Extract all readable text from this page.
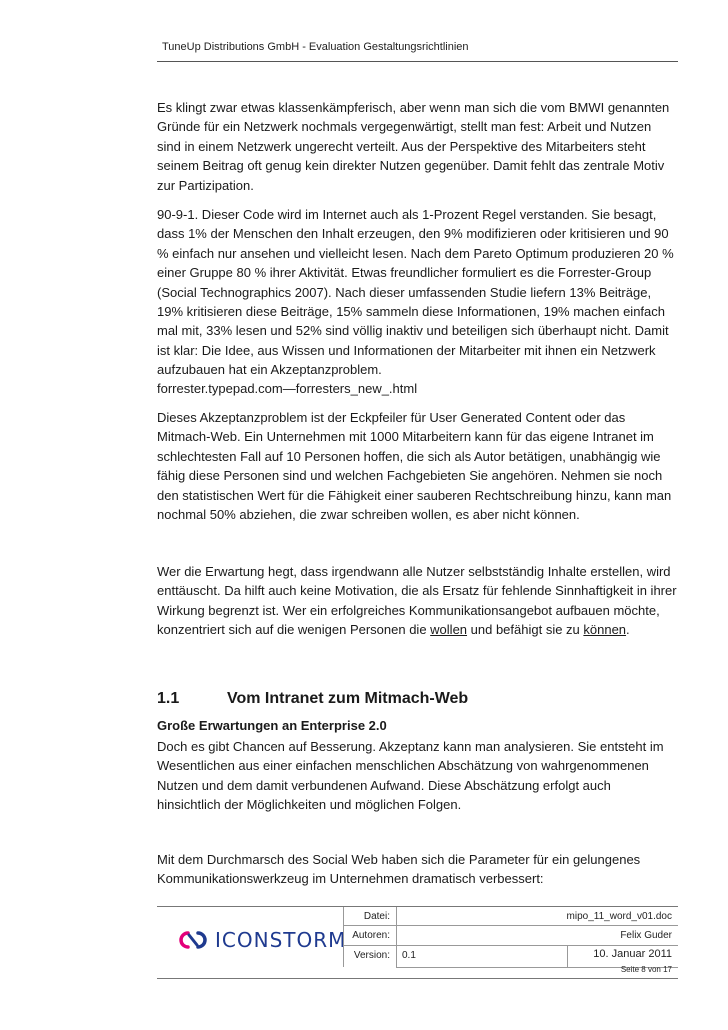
TuneUp Distributions GmbH - Evaluation Gestaltungsrichtlinien

Es klingt zwar etwas klassenkämpferisch, aber wenn man sich die vom BMWI genannten Gründe für ein Netzwerk nochmals vergegenwärtigt, stellt man fest: Arbeit und Nutzen sind in einem Netzwerk ungerecht verteilt. Aus der Perspektive des Mitarbeiters steht seinem Beitrag oft genug kein direkter Nutzen gegenüber. Damit fehlt das zentrale Motiv zur Partizipation.

90-9-1. Dieser Code wird im Internet auch als 1-Prozent Regel verstanden. Sie besagt, dass 1% der Menschen den Inhalt erzeugen, den 9% modifizieren oder kritisieren und 90 % einfach nur ansehen und vielleicht lesen. Nach dem Pareto Optimum produzieren 20 % einer Gruppe 80 % ihrer Aktivität. Etwas freundlicher formuliert es die Forrester-Group (Social Technographics 2007). Nach dieser umfassenden Studie liefern 13% Beiträge, 19% kritisieren diese Beiträge, 15% sammeln diese Informationen, 19% machen einfach mal mit, 33% lesen und 52% sind völlig inaktiv und beteiligen sich überhaupt nicht. Damit ist klar: Die Idee, aus Wissen und Informationen der Mitarbeiter mit ihnen ein Netzwerk aufzubauen hat ein Akzeptanzproblem.

forrester.typepad.com—forresters_new_.html

Dieses Akzeptanzproblem ist der Eckpfeiler für User Generated Content oder das Mitmach-Web. Ein Unternehmen mit 1000 Mitarbeitern kann für das eigene Intranet im schlechtesten Fall auf 10 Personen hoffen, die sich als Autor betätigen, unabhängig wie fähig diese Personen sind und welchen Fachgebieten Sie angehören. Nehmen sie noch den statistischen Wert für die Fähigkeit einer sauberen Rechtschreibung hinzu, kann man nochmal 50% abziehen, die zwar schreiben wollen, es aber nicht können.

Wer die Erwartung hegt, dass irgendwann alle Nutzer selbstständig Inhalte erstellen, wird enttäuscht. Da hilft auch keine Motivation, die als Ersatz für fehlende Sinnhaftigkeit in ihrer Wirkung begrenzt ist. Wer ein erfolgreiches Kommunikationsangebot aufbauen möchte, konzentriert sich auf die wenigen Personen die wollen und befähigt sie zu können.

1.1	Vom Intranet zum Mitmach-Web
Große Erwartungen an Enterprise 2.0

Doch es gibt Chancen auf Besserung. Akzeptanz kann man analysieren. Sie entsteht im Wesentlichen aus einer einfachen menschlichen Abschätzung von wahrgenommenen Nutzen und dem damit verbundenen Aufwand. Diese Abschätzung erfolgt auch hinsichtlich der Möglichkeiten und möglichen Folgen.

Mit dem Durchmarsch des Social Web haben sich die Parameter für ein gelungenes Kommunikationswerkzeug im Unternehmen dramatisch verbessert:

ICONSTORM
Datei:	mipo_11_word_v01.doc
Autoren:	Felix Guder
Version: 0.1	10. Januar 2011
Seite 8 von 17
